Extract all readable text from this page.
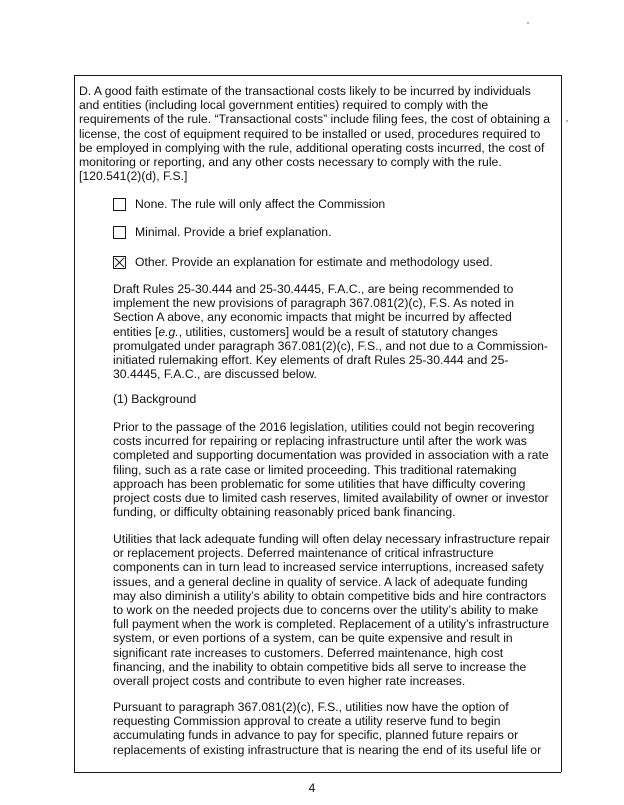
D. A good faith estimate of the transactional costs likely to be incurred by individuals
and entities (including local government entities) required to comply with the
requirements of the rule. “Transactional costs” include filing fees, the cost of obtaining a
license, the cost of equipment required to be installed or used, procedures required to
be employed in complying with the rule, additional operating costs incurred, the cost of
monitoring or reporting, and any other costs necessary to comply with the rule.
[120.541(2)(d), F.S.]
None. The rule will only affect the Commission
Minimal. Provide a brief explanation.
Other. Provide an explanation for estimate and methodology used.
Draft Rules 25-30.444 and 25-30.4445, F.A.C., are being recommended to
implement the new provisions of paragraph 367.081(2)(c), F.S. As noted in
Section A above, any economic impacts that might be incurred by affected
entities [e.g., utilities, customers] would be a result of statutory changes
promulgated under paragraph 367.081(2)(c), F.S., and not due to a Commission-
initiated rulemaking effort. Key elements of draft Rules 25-30.444 and 25-
30.4445, F.A.C., are discussed below.
(1) Background
Prior to the passage of the 2016 legislation, utilities could not begin recovering
costs incurred for repairing or replacing infrastructure until after the work was
completed and supporting documentation was provided in association with a rate
filing, such as a rate case or limited proceeding. This traditional ratemaking
approach has been problematic for some utilities that have difficulty covering
project costs due to limited cash reserves, limited availability of owner or investor
funding, or difficulty obtaining reasonably priced bank financing.
Utilities that lack adequate funding will often delay necessary infrastructure repair
or replacement projects. Deferred maintenance of critical infrastructure
components can in turn lead to increased service interruptions, increased safety
issues, and a general decline in quality of service. A lack of adequate funding
may also diminish a utility’s ability to obtain competitive bids and hire contractors
to work on the needed projects due to concerns over the utility’s ability to make
full payment when the work is completed. Replacement of a utility’s infrastructure
system, or even portions of a system, can be quite expensive and result in
significant rate increases to customers. Deferred maintenance, high cost
financing, and the inability to obtain competitive bids all serve to increase the
overall project costs and contribute to even higher rate increases.
Pursuant to paragraph 367.081(2)(c), F.S., utilities now have the option of
requesting Commission approval to create a utility reserve fund to begin
accumulating funds in advance to pay for specific, planned future repairs or
replacements of existing infrastructure that is nearing the end of its useful life or
4
